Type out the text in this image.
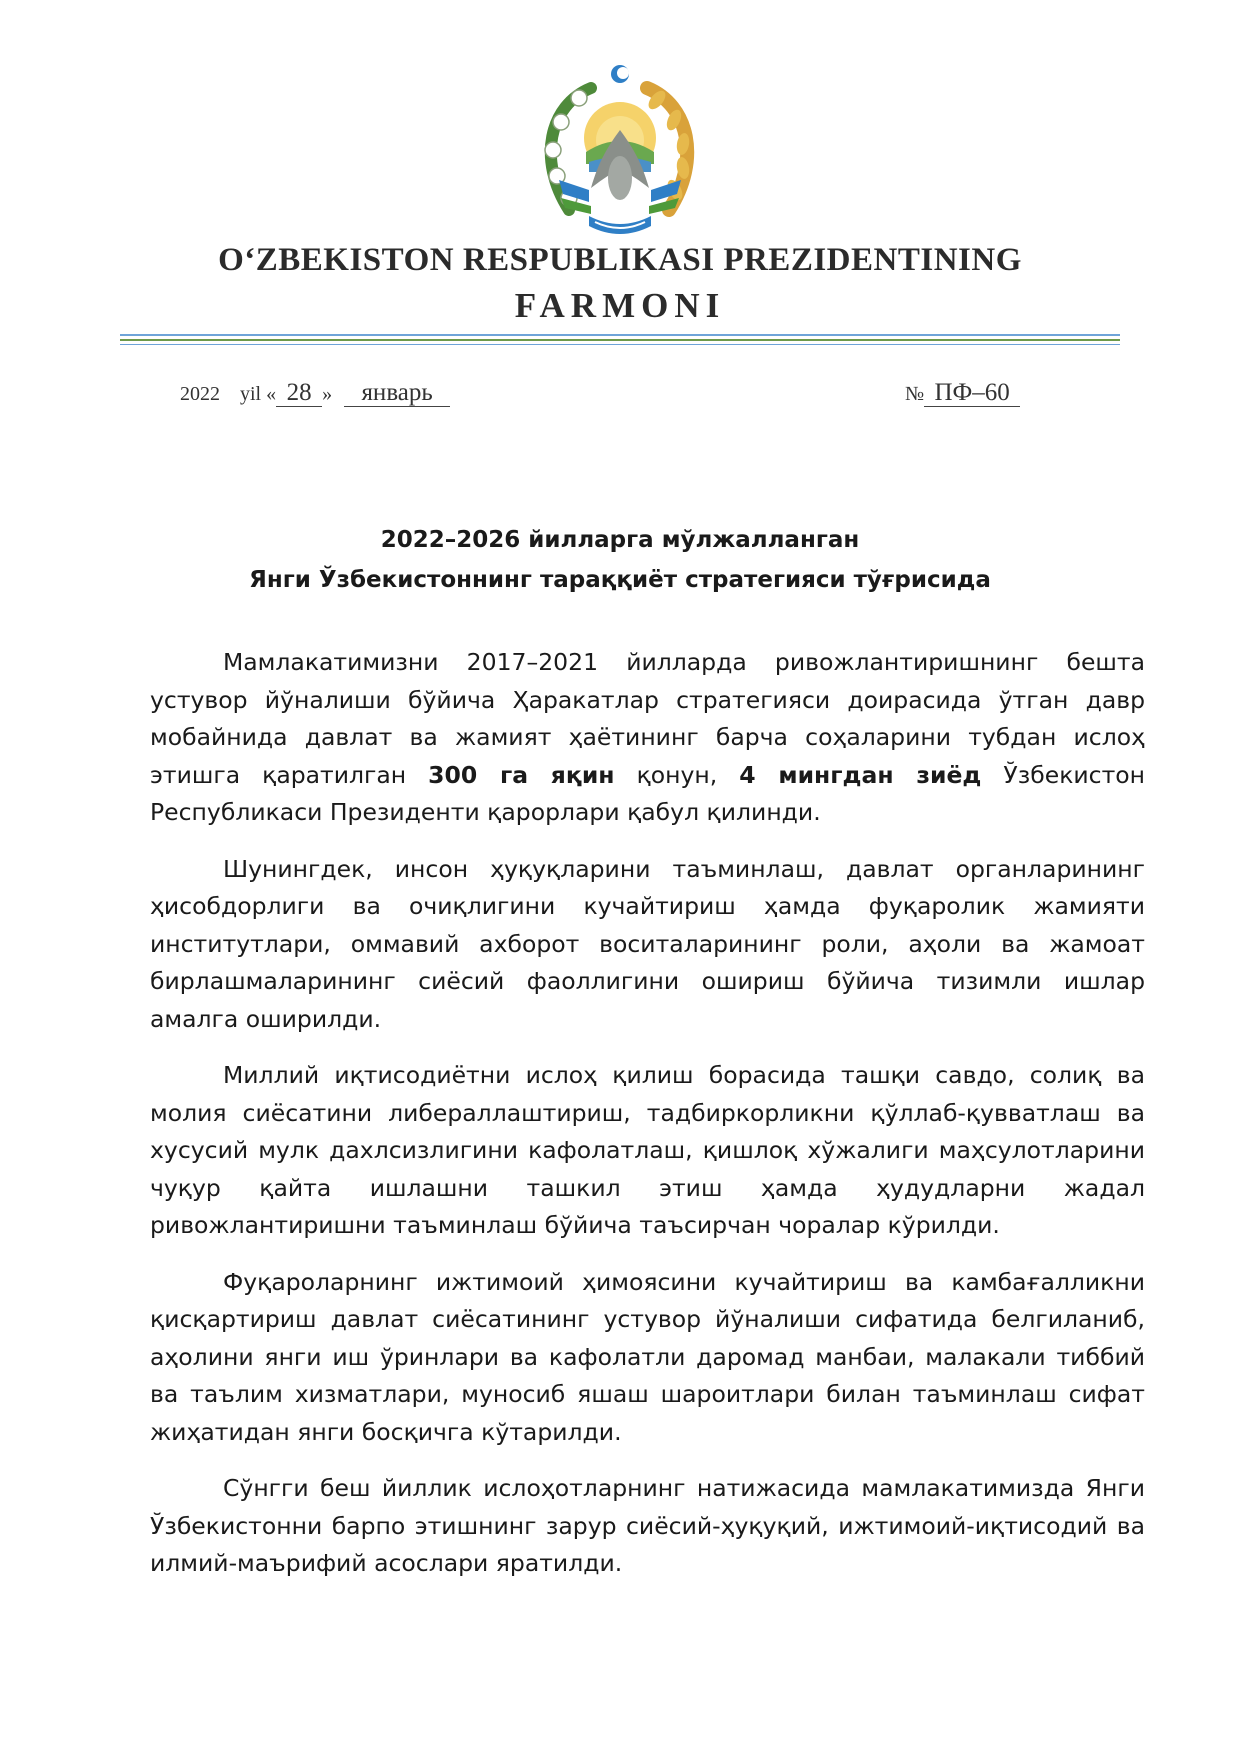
O‘ZBEKISTON RESPUBLIKASI PREZIDENTINING
FARMONI
2022 yil « 28 » январь	№ ПФ–60
2022–2026 йилларга мўлжалланган
Янги Ўзбекистоннинг тараққиёт стратегияси тўғрисида

Мамлакатимизни 2017–2021 йилларда ривожлантиришнинг бешта устувор йўналиши бўйича Ҳаракатлар стратегияси доирасида ўтган давр мобайнида давлат ва жамият ҳаётининг барча соҳаларини тубдан ислоҳ этишга қаратилган 300 га яқин қонун, 4 мингдан зиёд Ўзбекистон Республикаси Президенти қарорлари қабул қилинди.

Шунингдек, инсон ҳуқуқларини таъминлаш, давлат органларининг ҳисобдорлиги ва очиқлигини кучайтириш ҳамда фуқаролик жамияти институтлари, оммавий ахборот воситаларининг роли, аҳоли ва жамоат бирлашмаларининг сиёсий фаоллигини ошириш бўйича тизимли ишлар амалга оширилди.

Миллий иқтисодиётни ислоҳ қилиш борасида ташқи савдо, солиқ ва молия сиёсатини либераллаштириш, тадбиркорликни қўллаб-қувватлаш ва хусусий мулк дахлсизлигини кафолатлаш, қишлоқ хўжалиги маҳсулотларини чуқур қайта ишлашни ташкил этиш ҳамда ҳудудларни жадал ривожлантиришни таъминлаш бўйича таъсирчан чоралар кўрилди.

Фуқароларнинг ижтимоий ҳимоясини кучайтириш ва камбағалликни қисқартириш давлат сиёсатининг устувор йўналиши сифатида белгиланиб, аҳолини янги иш ўринлари ва кафолатли даромад манбаи, малакали тиббий ва таълим хизматлари, муносиб яшаш шароитлари билан таъминлаш сифат жиҳатидан янги босқичга кўтарилди.

Сўнгги беш йиллик ислоҳотларнинг натижасида мамлакатимизда Янги Ўзбекистонни барпо этишнинг зарур сиёсий-ҳуқуқий, ижтимоий-иқтисодий ва илмий-маърифий асослари яратилди.
